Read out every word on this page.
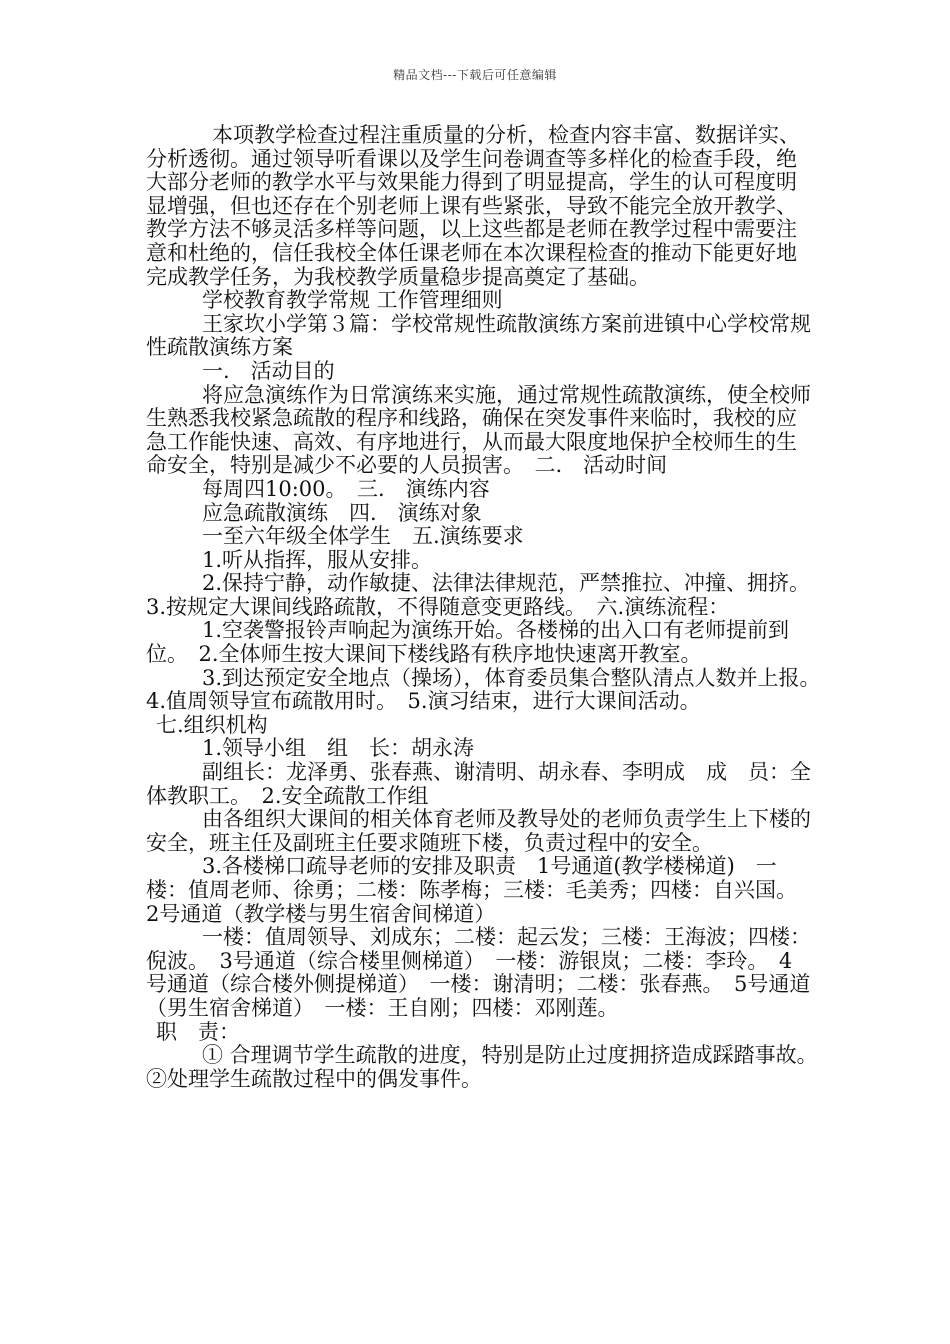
精品文档---下载后可任意编辑

本项教学检查过程注重质量的分析，检查内容丰富、数据详实、分析透彻。通过领导听看课以及学生问卷调查等多样化的检查手段，绝大部分老师的教学水平与效果能力得到了明显提高，学生的认可程度明显增强，但也还存在个别老师上课有些紧张，导致不能完全放开教学、教学方法不够灵活多样等问题，以上这些都是老师在教学过程中需要注意和杜绝的，信任我校全体任课老师在本次课程检查的推动下能更好地完成教学任务，为我校教学质量稳步提高奠定了基础。

学校教育教学常规 工作管理细则

王家坎小学第３篇：学校常规性疏散演练方案前进镇中心学校常规性疏散演练方案

一.　活动目的

将应急演练作为日常演练来实施，通过常规性疏散演练，使全校师生熟悉我校紧急疏散的程序和线路，确保在突发事件来临时，我校的应急工作能快速、高效、有序地进行，从而最大限度地保护全校师生的生命安全，特别是减少不必要的人员损害。　二.　活动时间

每周四10:00。　三.　演练内容

应急疏散演练　四.　演练对象

一至六年级全体学生　五.演练要求

1.听从指挥，服从安排。

2.保持宁静，动作敏捷、法律法律规范，严禁推拉、冲撞、拥挤。　3.按规定大课间线路疏散，不得随意变更路线。　六.演练流程：

1.空袭警报铃声响起为演练开始。各楼梯的出入口有老师提前到位。　2.全体师生按大课间下楼线路有秩序地快速离开教室。

3.到达预定安全地点（操场），体育委员集合整队清点人数并上报。　4.值周领导宣布疏散用时。　5.演习结束，进行大课间活动。

七.组织机构

1.领导小组　组　长：胡永涛

副组长：龙泽勇、张春燕、谢清明、胡永春、李明成　成　员：全体教职工。　2.安全疏散工作组

由各组织大课间的相关体育老师及教导处的老师负责学生上下楼的安全，班主任及副班主任要求随班下楼，负责过程中的安全。

3.各楼梯口疏导老师的安排及职责　1号通道(教学楼梯道)　一楼：值周老师、徐勇；二楼：陈孝梅；三楼：毛美秀；四楼：自兴国。　2号通道（教学楼与男生宿舍间梯道）

一楼：值周领导、刘成东；二楼：起云发；三楼：王海波；四楼：倪波。　3号通道（综合楼里侧梯道）　一楼：游银岚；二楼：李玲。　4号通道（综合楼外侧提梯道）　一楼：谢清明；二楼：张春燕。　5号通道（男生宿舍梯道）　一楼：王自刚；四楼：邓刚莲。

职　责：

① 合理调节学生疏散的进度，特别是防止过度拥挤造成踩踏事故。　②处理学生疏散过程中的偶发事件。
